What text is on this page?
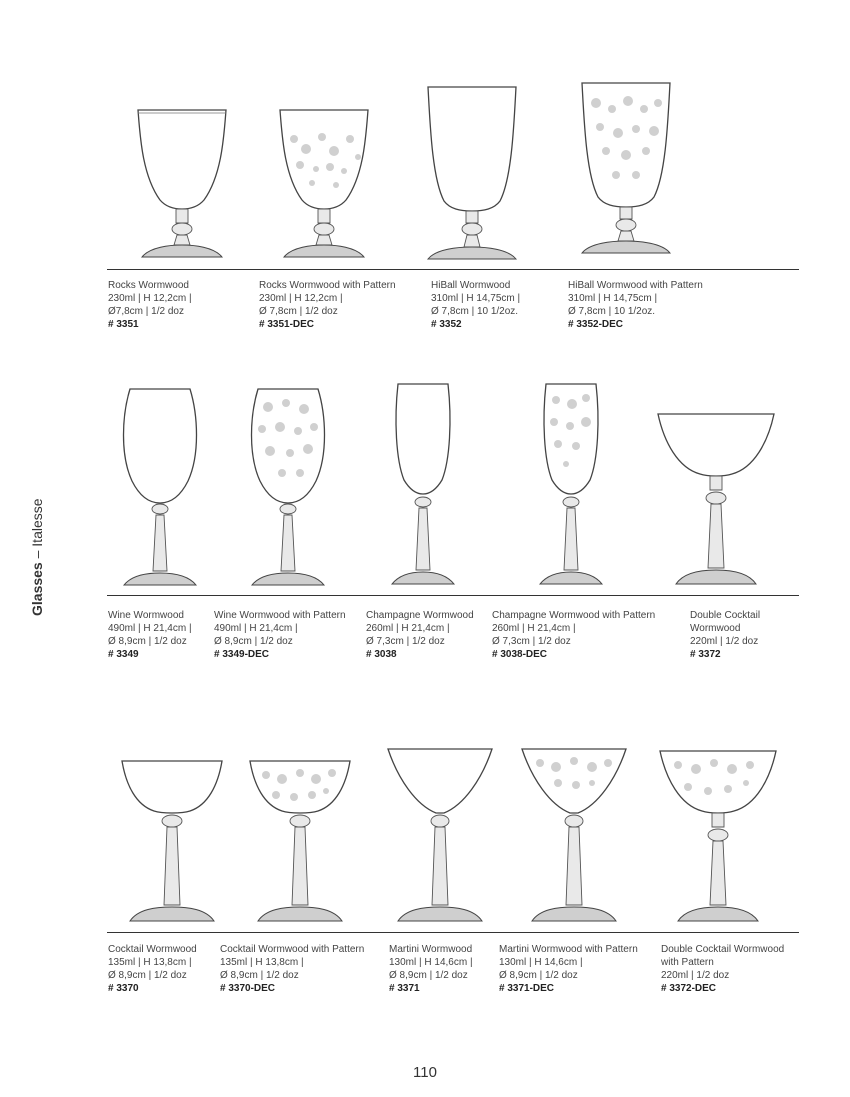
Glasses – Italesse
Rocks Wormwood
230ml | H 12,2cm |
Ø7,8cm | 1/2 doz
# 3351
Rocks Wormwood with Pattern
230ml | H 12,2cm |
Ø 7,8cm | 1/2 doz
# 3351-DEC
HiBall Wormwood
310ml | H 14,75cm |
Ø 7,8cm | 10 1/2oz.
# 3352
HiBall Wormwood with Pattern
310ml | H 14,75cm |
Ø 7,8cm | 10 1/2oz.
# 3352-DEC
Wine Wormwood
490ml | H 21,4cm |
Ø 8,9cm | 1/2 doz
# 3349
Wine Wormwood with Pattern
490ml | H 21,4cm |
Ø 8,9cm | 1/2 doz
# 3349-DEC
Champagne Wormwood
260ml | H 21,4cm |
Ø 7,3cm | 1/2 doz
# 3038
Champagne Wormwood with Pattern
260ml | H 21,4cm |
Ø 7,3cm | 1/2 doz
# 3038-DEC
Double Cocktail
Wormwood
220ml | 1/2 doz
# 3372
Cocktail Wormwood
135ml | H 13,8cm |
Ø 8,9cm | 1/2 doz
# 3370
Cocktail Wormwood with Pattern
135ml | H 13,8cm |
Ø 8,9cm | 1/2 doz
# 3370-DEC
Martini Wormwood
130ml | H 14,6cm |
Ø 8,9cm | 1/2 doz
# 3371
Martini Wormwood with Pattern
130ml | H 14,6cm |
Ø 8,9cm | 1/2 doz
# 3371-DEC
Double Cocktail Wormwood
with Pattern
220ml | 1/2 doz
# 3372-DEC
110
